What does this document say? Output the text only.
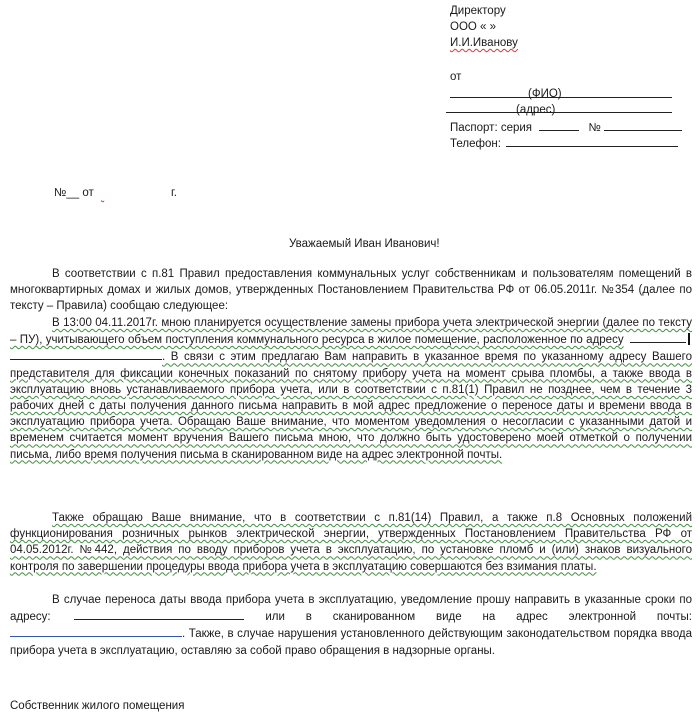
Директору
ООО « »
И.И.Иванову
от
(ФИО)
(адрес)
Паспорт: серия	№
Телефон:
№__ от	г.
Уважаемый Иван Иванович!
В соответствии с п.81 Правил предоставления коммунальных услуг собственникам и пользователям помещений в многоквартирных домах и жилых домов, утвержденных Постановлением Правительства РФ от 06.05.2011г. №354 (далее по тексту – Правила) сообщаю следующее:
В 13:00 04.11.2017г. мною планируется осуществление замены прибора учета электрической энергии (далее по тексту – ПУ), учитывающего объем поступления коммунального ресурса в жилое помещение, расположенное по адресу . В связи с этим предлагаю Вам направить в указанное время по указанному адресу Вашего представителя для фиксации конечных показаний по снятому прибору учета на момент срыва пломбы, а также ввода в эксплуатацию вновь устанавливаемого прибора учета, или в соответствии с п.81(1) Правил не позднее, чем в течение 3 рабочих дней с даты получения данного письма направить в мой адрес предложение о переносе даты и времени ввода в эксплуатацию прибора учета. Обращаю Ваше внимание, что моментом уведомления о несогласии с указанными датой и временем считается момент вручения Вашего письма мною, что должно быть удостоверено моей отметкой о получении письма, либо время получения письма в сканированном виде на адрес электронной почты.
Также обращаю Ваше внимание, что в соответствии с п.81(14) Правил, а также п.8 Основных положений функционирования розничных рынков электрической энергии, утвержденных Постановлением Правительства РФ от 04.05.2012г. №442, действия по вводу приборов учета в эксплуатацию, по установке пломб и (или) знаков визуального контроля по завершении процедуры ввода прибора учета в эксплуатацию совершаются без взимания платы.
В случае переноса даты ввода прибора учета в эксплуатацию, уведомление прошу направить в указанные сроки по адресу:	или в сканированном виде на адрес электронной почты: . Также, в случае нарушения установленного действующим законодательством порядка ввода прибора учета в эксплуатацию, оставляю за собой право обращения в надзорные органы.
Собственник жилого помещения
